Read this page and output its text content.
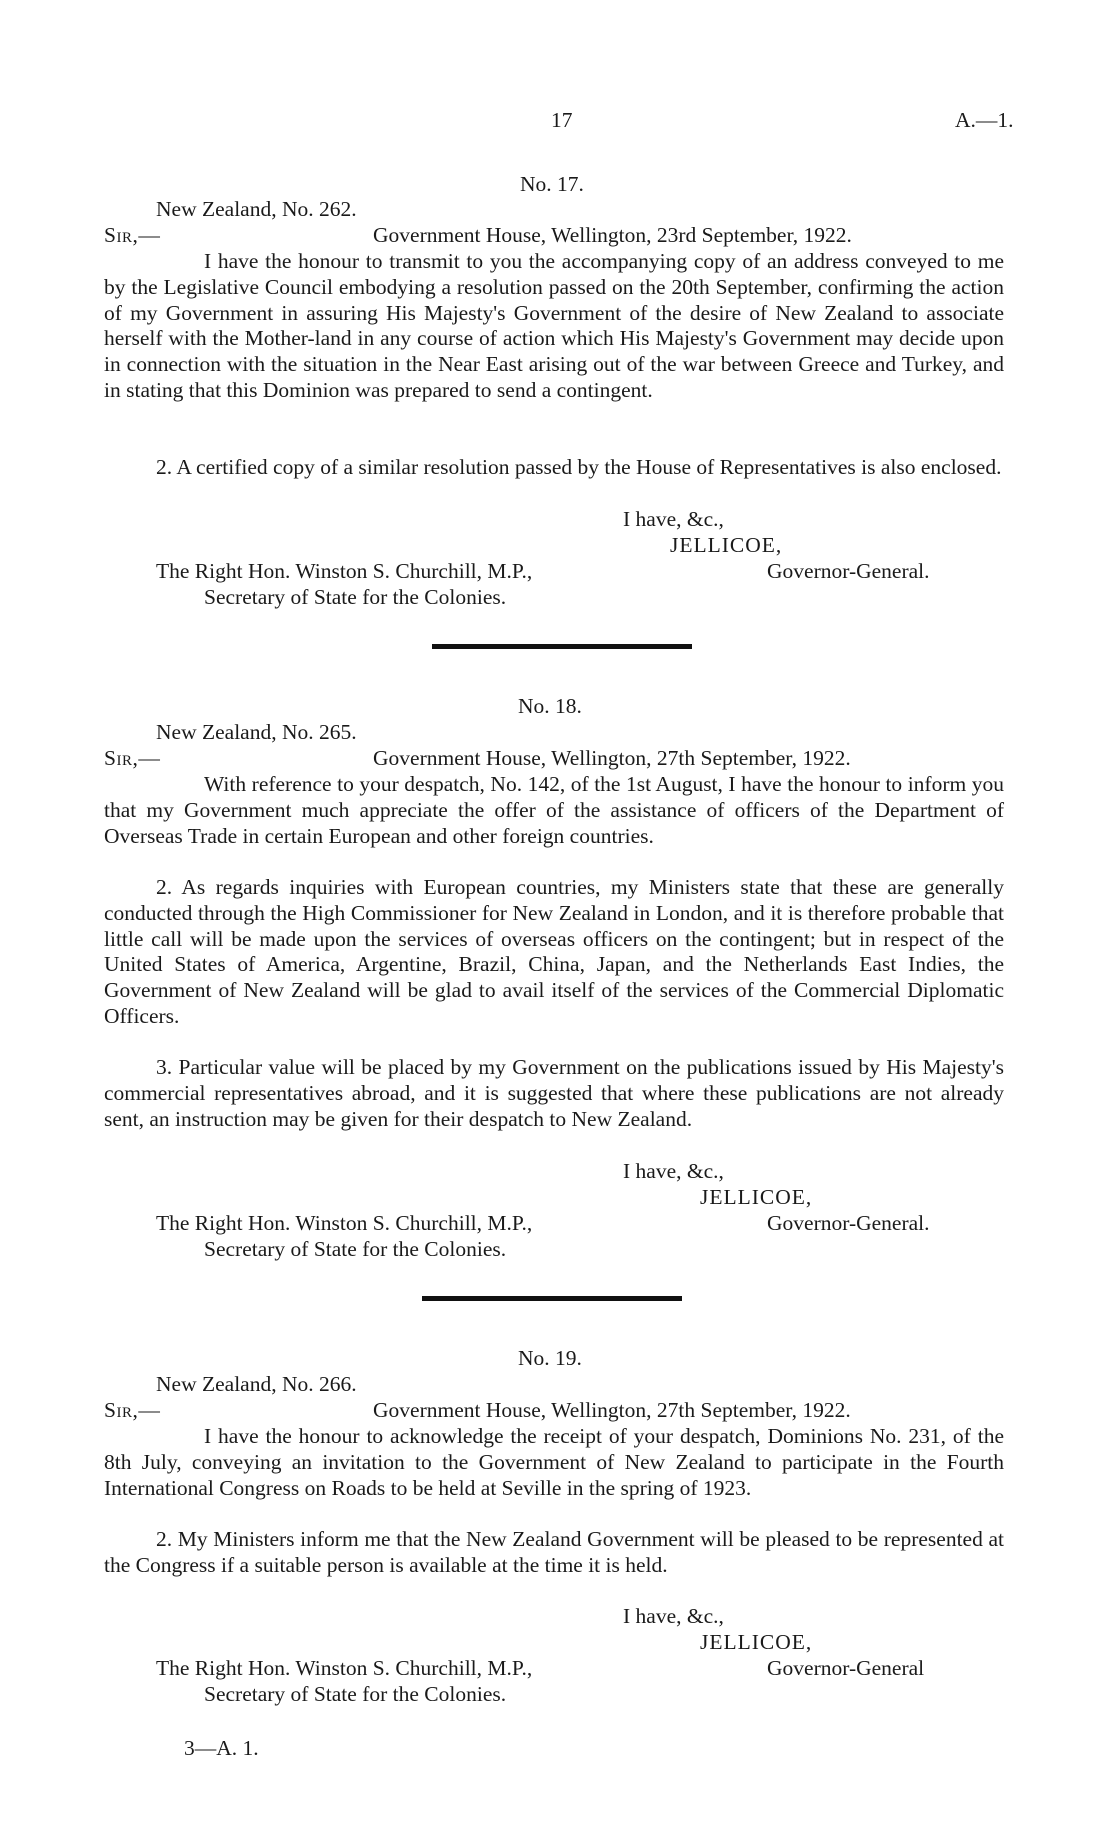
17	A.—1.
No. 17.
New Zealand, No. 262.
Sir,—	Government House, Wellington, 23rd September, 1922.

I have the honour to transmit to you the accompanying copy of an address conveyed to me by the Legislative Council embodying a resolution passed on the 20th September, confirming the action of my Government in assuring His Majesty's Government of the desire of New Zealand to associate herself with the Mother-land in any course of action which His Majesty's Government may decide upon in connection with the situation in the Near East arising out of the war between Greece and Turkey, and in stating that this Dominion was prepared to send a contingent.

2. A certified copy of a similar resolution passed by the House of Representatives is also enclosed.

I have, &c.,
JELLICOE,
The Right Hon. Winston S. Churchill, M.P.,	Governor-General.
Secretary of State for the Colonies.
No. 18.
New Zealand, No. 265.
Sir,—	Government House, Wellington, 27th September, 1922.

With reference to your despatch, No. 142, of the 1st August, I have the honour to inform you that my Government much appreciate the offer of the assistance of officers of the Department of Overseas Trade in certain European and other foreign countries.

2. As regards inquiries with European countries, my Ministers state that these are generally conducted through the High Commissioner for New Zealand in London, and it is therefore probable that little call will be made upon the services of overseas officers on the contingent; but in respect of the United States of America, Argentine, Brazil, China, Japan, and the Netherlands East Indies, the Government of New Zealand will be glad to avail itself of the services of the Commercial Diplomatic Officers.

3. Particular value will be placed by my Government on the publications issued by His Majesty's commercial representatives abroad, and it is suggested that where these publications are not already sent, an instruction may be given for their despatch to New Zealand.

I have, &c.,
JELLICOE,
The Right Hon. Winston S. Churchill, M.P.,	Governor-General.
Secretary of State for the Colonies.
No. 19.
New Zealand, No. 266.
Sir,—	Government House, Wellington, 27th September, 1922.

I have the honour to acknowledge the receipt of your despatch, Dominions No. 231, of the 8th July, conveying an invitation to the Government of New Zealand to participate in the Fourth International Congress on Roads to be held at Seville in the spring of 1923.

2. My Ministers inform me that the New Zealand Government will be pleased to be represented at the Congress if a suitable person is available at the time it is held.

I have, &c.,
JELLICOE,
The Right Hon. Winston S. Churchill, M.P.,	Governor-General
Secretary of State for the Colonies.
3—A. 1.
